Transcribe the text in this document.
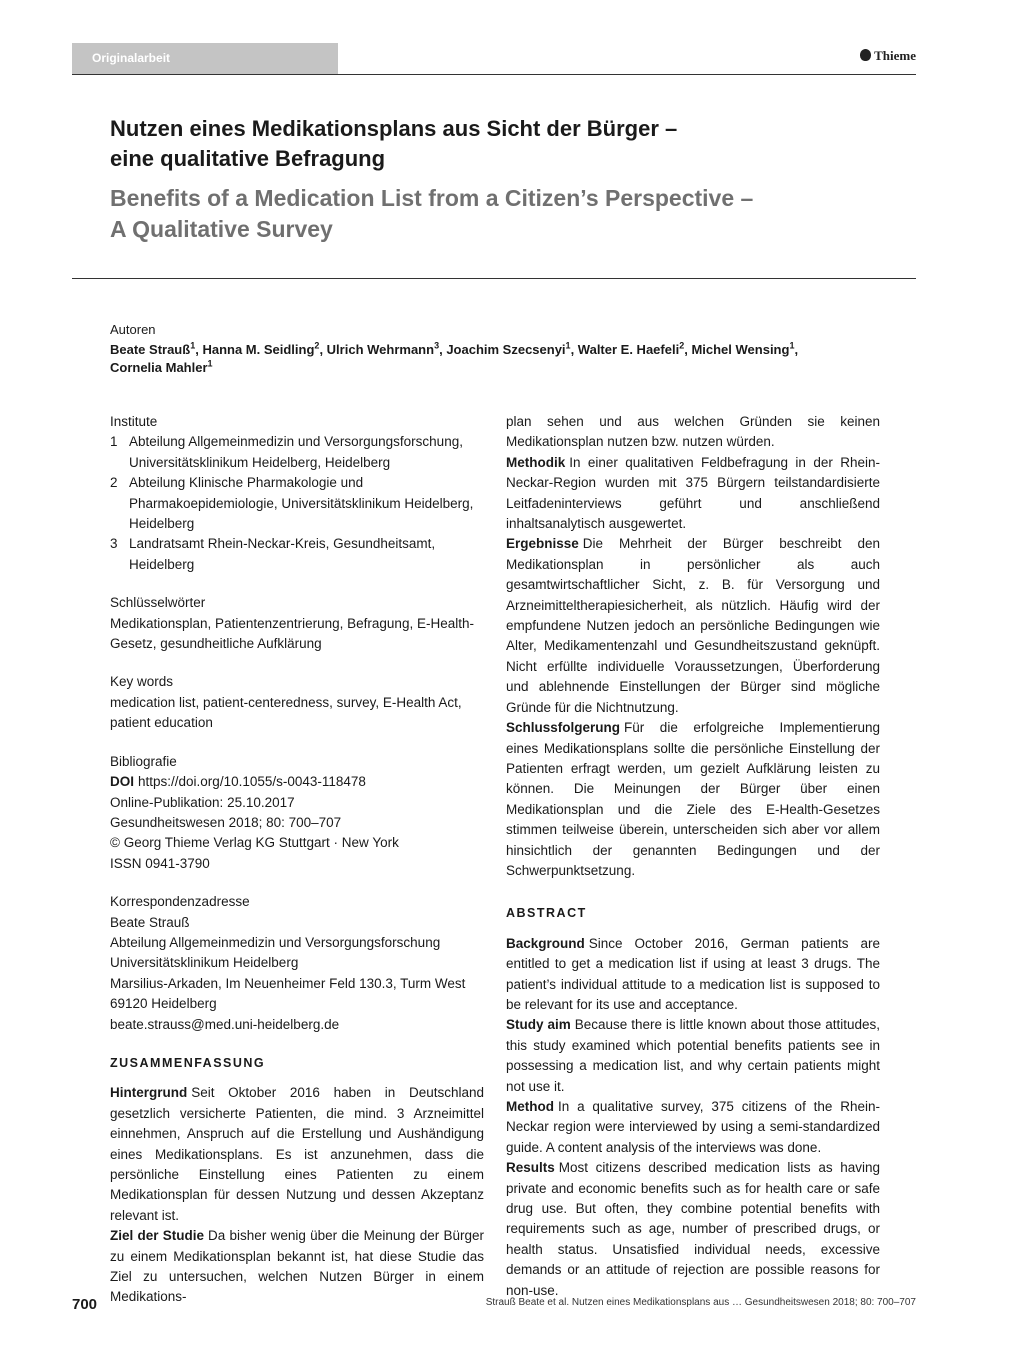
Originalarbeit	Thieme
Nutzen eines Medikationsplans aus Sicht der Bürger –
eine qualitative Befragung
Benefits of a Medication List from a Citizen’s Perspective –
A Qualitative Survey
Autoren
Beate Strauß$^1$, Hanna M. Seidling$^2$, Ulrich Wehrmann$^3$, Joachim Szecsenyi$^1$, Walter E. Haefeli$^2$, Michel Wensing$^1$,
Cornelia Mahler$^1$
Institute
1 Abteilung Allgemeinmedizin und Versorgungsforschung, Universitätsklinikum Heidelberg, Heidelberg
2 Abteilung Klinische Pharmakologie und Pharmakoepidemiologie, Universitätsklinikum Heidelberg, Heidelberg
3 Landratsamt Rhein-Neckar-Kreis, Gesundheitsamt, Heidelberg
Schlüsselwörter
Medikationsplan, Patientenzentrierung, Befragung, E-Health-Gesetz, gesundheitliche Aufklärung
Key words
medication list, patient-centeredness, survey, E-Health Act, patient education
Bibliografie
DOI https://doi.org/10.1055/s-0043-118478
Online-Publikation: 25.10.2017
Gesundheitswesen 2018; 80: 700–707
© Georg Thieme Verlag KG Stuttgart · New York
ISSN 0941-3790
Korrespondenzadresse
Beate Strauß
Abteilung Allgemeinmedizin und Versorgungsforschung
Universitätsklinikum Heidelberg
Marsilius-Arkaden, Im Neuenheimer Feld 130.3, Turm West
69120 Heidelberg
beate.strauss@med.uni-heidelberg.de
ZUSAMMENFASSUNG

Hintergrund Seit Oktober 2016 haben in Deutschland gesetzlich versicherte Patienten, die mind. 3 Arzneimittel einnehmen, Anspruch auf die Erstellung und Aushändigung eines Medikationsplans. Es ist anzunehmen, dass die persönliche Einstellung eines Patienten zu einem Medikationsplan für dessen Nutzung und dessen Akzeptanz relevant ist.

Ziel der Studie Da bisher wenig über die Meinung der Bürger zu einem Medikationsplan bekannt ist, hat diese Studie das Ziel zu untersuchen, welchen Nutzen Bürger in einem Medikations-

plan sehen und aus welchen Gründen sie keinen Medikationsplan nutzen bzw. nutzen würden.

Methodik In einer qualitativen Feldbefragung in der Rhein-Neckar-Region wurden mit 375 Bürgern teilstandardisierte Leitfadeninterviews geführt und anschließend inhaltsanalytisch ausgewertet.

Ergebnisse Die Mehrheit der Bürger beschreibt den Medikationsplan in persönlicher als auch gesamtwirtschaftlicher Sicht, z. B. für Versorgung und Arzneimitteltherapiesicherheit, als nützlich. Häufig wird der empfundene Nutzen jedoch an persönliche Bedingungen wie Alter, Medikamentenzahl und Gesundheitszustand geknüpft. Nicht erfüllte individuelle Voraussetzungen, Überforderung und ablehnende Einstellungen der Bürger sind mögliche Gründe für die Nichtnutzung.

Schlussfolgerung Für die erfolgreiche Implementierung eines Medikationsplans sollte die persönliche Einstellung der Patienten erfragt werden, um gezielt Aufklärung leisten zu können. Die Meinungen der Bürger über einen Medikationsplan und die Ziele des E-Health-Gesetzes stimmen teilweise überein, unterscheiden sich aber vor allem hinsichtlich der genannten Bedingungen und der Schwerpunktsetzung.

ABSTRACT

Background Since October 2016, German patients are entitled to get a medication list if using at least 3 drugs. The patient’s individual attitude to a medication list is supposed to be relevant for its use and acceptance.

Study aim Because there is little known about those attitudes, this study examined which potential benefits patients see in possessing a medication list, and why certain patients might not use it.

Method In a qualitative survey, 375 citizens of the Rhein-Neckar region were interviewed by using a semi-standardized guide. A content analysis of the interviews was done.

Results Most citizens described medication lists as having private and economic benefits such as for health care or safe drug use. But often, they combine potential benefits with requirements such as age, number of prescribed drugs, or health status. Unsatisfied individual needs, excessive demands or an attitude of rejection are possible reasons for non-use.

700	Strauß Beate et al. Nutzen eines Medikationsplans aus … Gesundheitswesen 2018; 80: 700–707
